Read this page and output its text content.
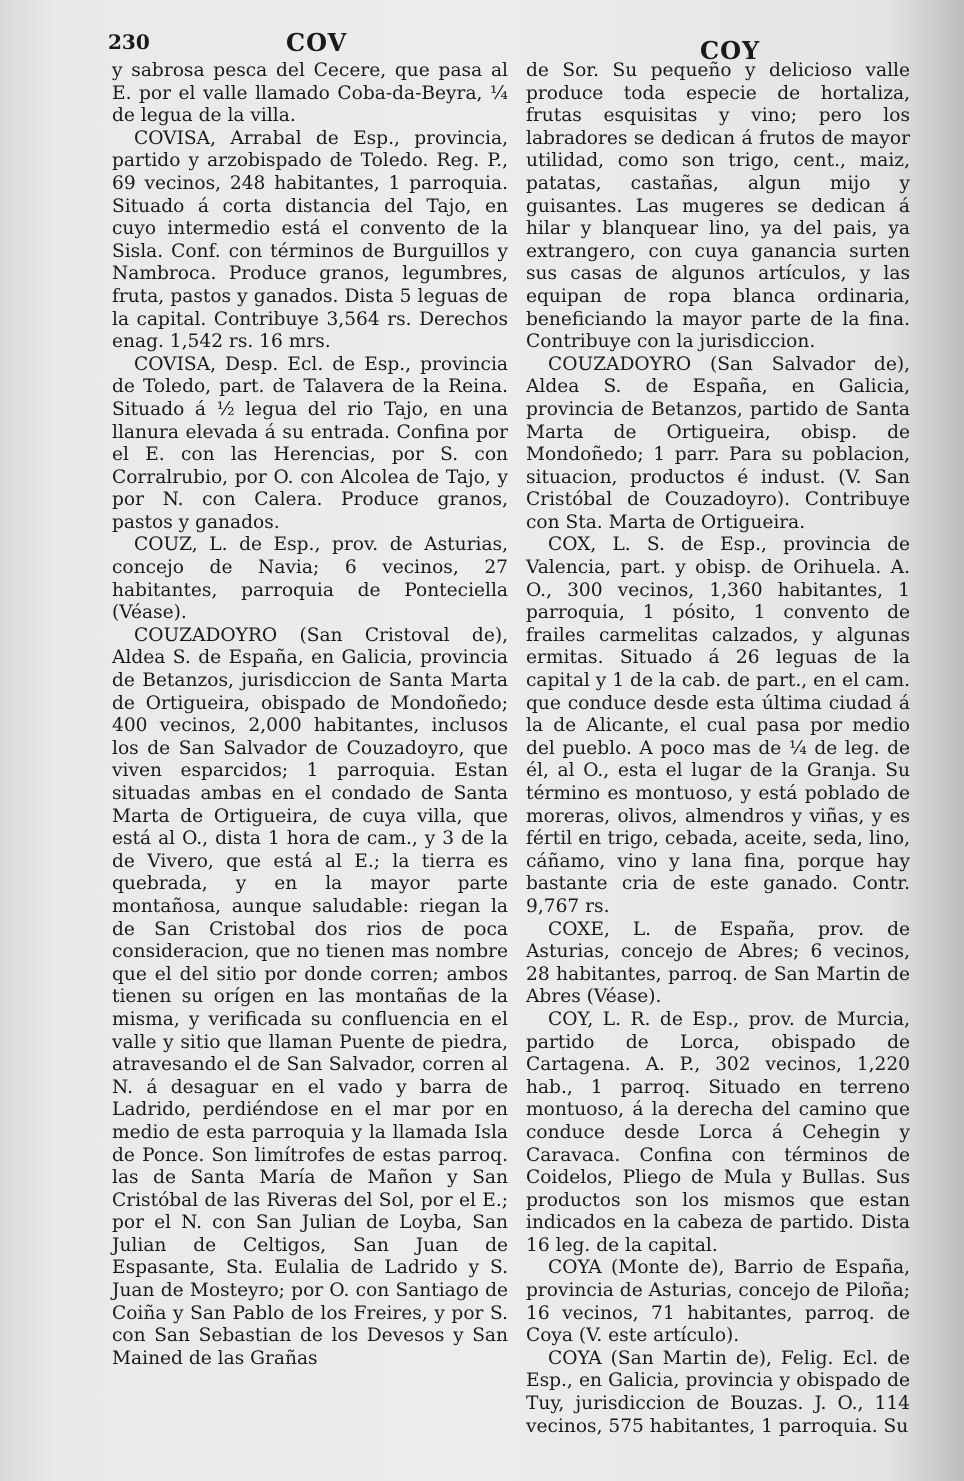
230	COV	COY

y sabrosa pesca del Cecere, que pasa al E. por el valle llamado Coba-da-Beyra, ¼ de legua de la villa.

COVISA, Arrabal de Esp., provincia, partido y arzobispado de Toledo. Reg. P., 69 vecinos, 248 habitantes, 1 parroquia. Situado á corta distancia del Tajo, en cuyo intermedio está el convento de la Sisla. Conf. con términos de Burguillos y Nambroca. Produce granos, legumbres, fruta, pastos y ganados. Dista 5 leguas de la capital. Contribuye 3,564 rs. Derechos enag. 1,542 rs. 16 mrs.

COVISA, Desp. Ecl. de Esp., provincia de Toledo, part. de Talavera de la Reina. Situado á ½ legua del rio Tajo, en una llanura elevada á su entrada. Confina por el E. con las Herencias, por S. con Corralrubio, por O. con Alcolea de Tajo, y por N. con Calera. Produce granos, pastos y ganados.

COUZ, L. de Esp., prov. de Asturias, concejo de Navia; 6 vecinos, 27 habitantes, parroquia de Ponteciella (Véase).

COUZADOYRO (San Cristoval de), Aldea S. de España, en Galicia, provincia de Betanzos, jurisdiccion de Santa Marta de Ortigueira, obispado de Mondoñedo; 400 vecinos, 2,000 habitantes, inclusos los de San Salvador de Couzadoyro, que viven esparcidos; 1 parroquia. Estan situadas ambas en el condado de Santa Marta de Ortigueira, de cuya villa, que está al O., dista 1 hora de cam., y 3 de la de Vivero, que está al E.; la tierra es quebrada, y en la mayor parte montañosa, aunque saludable: riegan la de San Cristobal dos rios de poca consideracion, que no tienen mas nombre que el del sitio por donde corren; ambos tienen su orígen en las montañas de la misma, y verificada su confluencia en el valle y sitio que llaman Puente de piedra, atravesando el de San Salvador, corren al N. á desaguar en el vado y barra de Ladrido, perdiéndose en el mar por en medio de esta parroquia y la llamada Isla de Ponce. Son limítrofes de estas parroq. las de Santa María de Mañon y San Cristóbal de las Riveras del Sol, por el E.; por el N. con San Julian de Loyba, San Julian de Celtigos, San Juan de Espasante, Sta. Eulalia de Ladrido y S. Juan de Mosteyro; por O. con Santiago de Coiña y San Pablo de los Freires, y por S. con San Sebastian de los Devesos y San Mained de las Grañas

de Sor. Su pequeño y delicioso valle produce toda especie de hortaliza, frutas esquisitas y vino; pero los labradores se dedican á frutos de mayor utilidad, como son trigo, cent., maiz, patatas, castañas, algun mijo y guisantes. Las mugeres se dedican á hilar y blanquear lino, ya del pais, ya extrangero, con cuya ganancia surten sus casas de algunos artículos, y las equipan de ropa blanca ordinaria, beneficiando la mayor parte de la fina. Contribuye con la jurisdiccion.

COUZADOYRO (San Salvador de), Aldea S. de España, en Galicia, provincia de Betanzos, partido de Santa Marta de Ortigueira, obisp. de Mondoñedo; 1 parr. Para su poblacion, situacion, productos é indust. (V. San Cristóbal de Couzadoyro). Contribuye con Sta. Marta de Ortigueira.

COX, L. S. de Esp., provincia de Valencia, part. y obisp. de Orihuela. A. O., 300 vecinos, 1,360 habitantes, 1 parroquia, 1 pósito, 1 convento de frailes carmelitas calzados, y algunas ermitas. Situado á 26 leguas de la capital y 1 de la cab. de part., en el cam. que conduce desde esta última ciudad á la de Alicante, el cual pasa por medio del pueblo. A poco mas de ¼ de leg. de él, al O., esta el lugar de la Granja. Su término es montuoso, y está poblado de moreras, olivos, almendros y viñas, y es fértil en trigo, cebada, aceite, seda, lino, cáñamo, vino y lana fina, porque hay bastante cria de este ganado. Contr. 9,767 rs.

COXE, L. de España, prov. de Asturias, concejo de Abres; 6 vecinos, 28 habitantes, parroq. de San Martin de Abres (Véase).

COY, L. R. de Esp., prov. de Murcia, partido de Lorca, obispado de Cartagena. A. P., 302 vecinos, 1,220 hab., 1 parroq. Situado en terreno montuoso, á la derecha del camino que conduce desde Lorca á Cehegin y Caravaca. Confina con términos de Coidelos, Pliego de Mula y Bullas. Sus productos son los mismos que estan indicados en la cabeza de partido. Dista 16 leg. de la capital.

COYA (Monte de), Barrio de España, provincia de Asturias, concejo de Piloña; 16 vecinos, 71 habitantes, parroq. de Coya (V. este artículo).

COYA (San Martin de), Felig. Ecl. de Esp., en Galicia, provincia y obispado de Tuy, jurisdiccion de Bouzas. J. O., 114 vecinos, 575 habitantes, 1 parroquia. Su
